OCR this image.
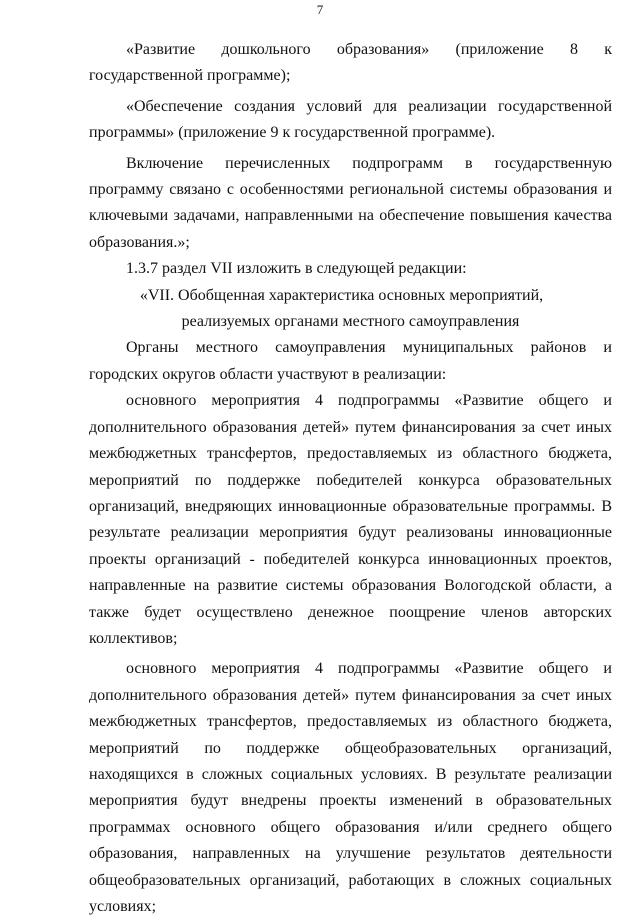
7

«Развитие дошкольного образования» (приложение 8 к государственной программе);

«Обеспечение создания условий для реализации государственной программы» (приложение 9 к государственной программе).

Включение перечисленных подпрограмм в государственную программу связано с особенностями региональной системы образования и ключевыми задачами, направленными на обеспечение повышения качества образования.»;

1.3.7 раздел VII изложить в следующей редакции:

«VII. Обобщенная характеристика основных мероприятий,
реализуемых органами местного самоуправления

Органы местного самоуправления муниципальных районов и городских округов области участвуют в реализации:

основного мероприятия 4 подпрограммы «Развитие общего и дополнительного образования детей» путем финансирования за счет иных межбюджетных трансфертов, предоставляемых из областного бюджета, мероприятий по поддержке победителей конкурса образовательных организаций, внедряющих инновационные образовательные программы. В результате реализации мероприятия будут реализованы инновационные проекты организаций - победителей конкурса инновационных проектов, направленные на развитие системы образования Вологодской области, а также будет осуществлено денежное поощрение членов авторских коллективов;

основного мероприятия 4 подпрограммы «Развитие общего и дополнительного образования детей» путем финансирования за счет иных межбюджетных трансфертов, предоставляемых из областного бюджета, мероприятий по поддержке общеобразовательных организаций, находящихся в сложных социальных условиях. В результате реализации мероприятия будут внедрены проекты изменений в образовательных программах основного общего образования и/или среднего общего образования, направленных на улучшение результатов деятельности общеобразовательных организаций, работающих в сложных социальных условиях;
